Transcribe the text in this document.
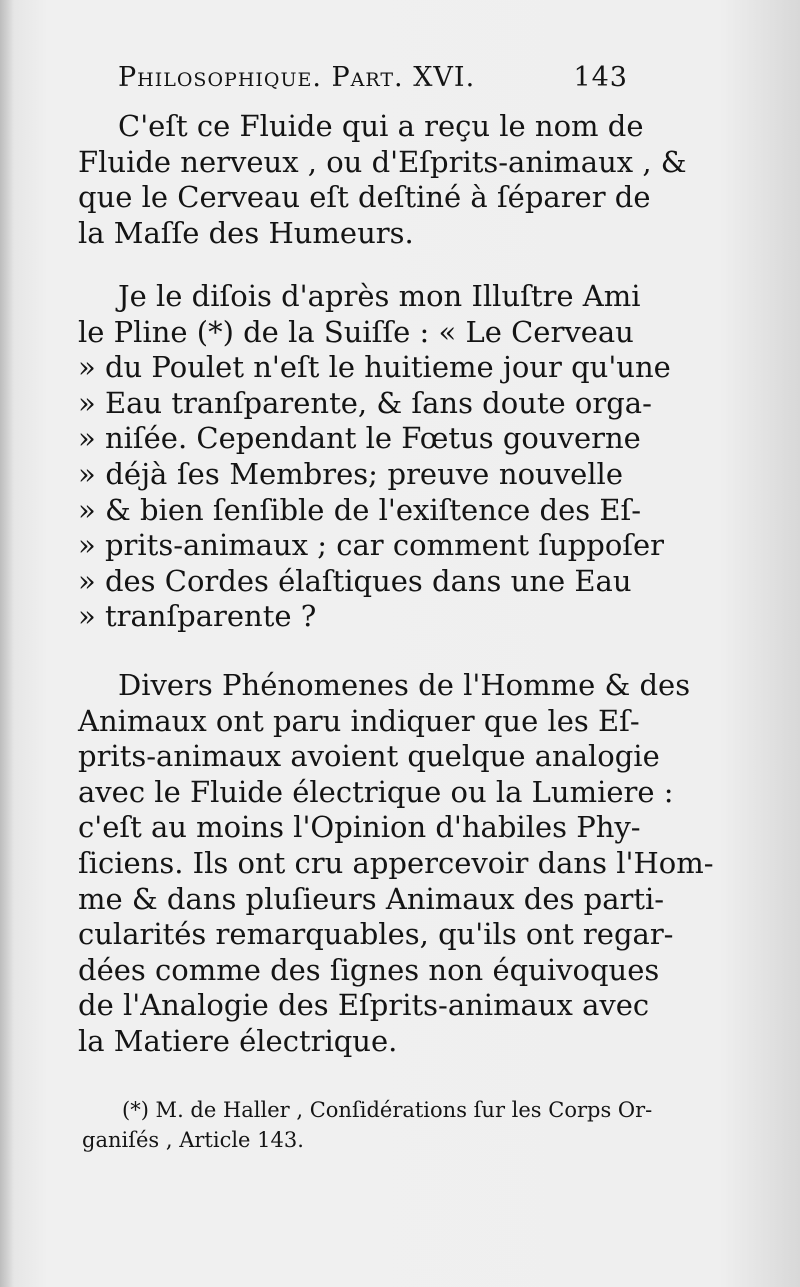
Philosophique. Part. XVI.	143
C'eſt ce Fluide qui a reçu le nom de
Fluide nerveux , ou d'Eſprits-animaux , &
que le Cerveau eſt deſtiné à ſéparer de
la Maſſe des Humeurs.
Je le diſois d'après mon Illuſtre Ami
le Pline (*) de la Suiſſe : « Le Cerveau
» du Poulet n'eſt le huitieme jour qu'une
» Eau tranſparente, & ſans doute orga-
» niſée. Cependant le Fœtus gouverne
» déjà ſes Membres; preuve nouvelle
» & bien ſenſible de l'exiſtence des Eſ-
» prits-animaux ; car comment ſuppoſer
» des Cordes élaſtiques dans une Eau
» tranſparente ?
Divers Phénomenes de l'Homme & des
Animaux ont paru indiquer que les Eſ-
prits-animaux avoient quelque analogie
avec le Fluide électrique ou la Lumiere :
c'eſt au moins l'Opinion d'habiles Phy-
ſiciens. Ils ont cru appercevoir dans l'Hom-
me & dans pluſieurs Animaux des parti-
cularités remarquables, qu'ils ont regar-
dées comme des ſignes non équivoques
de l'Analogie des Eſprits-animaux avec
la Matiere électrique.
(*) M. de Haller , Conſidérations ſur les Corps Or-
ganiſés , Article 143.
